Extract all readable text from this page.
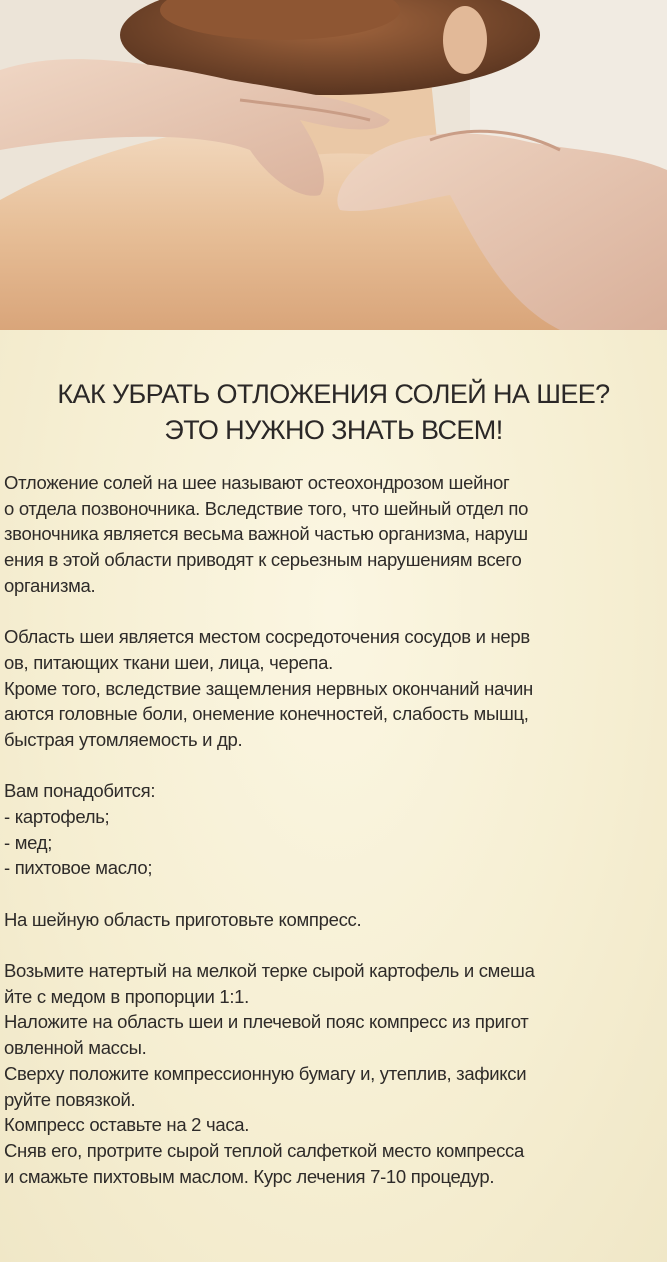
КАК УБРАТЬ ОТЛОЖЕНИЯ СОЛЕЙ НА ШЕЕ?
ЭТО НУЖНО ЗНАТЬ ВСЕМ!
Отложение солей на шее называют остеохондрозом шейног
о отдела позвоночника. Вследствие того, что шейный отдел по
звоночника является весьма важной частью организма, наруш
ения в этой области приводят к серьезным нарушениям всего
организма.
Область шеи является местом сосредоточения сосудов и нерв
ов, питающих ткани шеи, лица, черепа.
Кроме того, вследствие защемления нервных окончаний начин
аются головные боли, онемение конечностей, слабость мышц,
быстрая утомляемость и др.
Вам понадобится:
- картофель;
- мед;
- пихтовое масло;
На шейную область приготовьте компресс.
Возьмите натертый на мелкой терке сырой картофель и смеша
йте с медом в пропорции 1:1.
Наложите на область шеи и плечевой пояс компресс из пригот
овленной массы.
Сверху положите компрессионную бумагу и, утеплив, зафикси
руйте повязкой.
Компресс оставьте на 2 часа.
Сняв его, протрите сырой теплой салфеткой место компресса
и смажьте пихтовым маслом. Курс лечения 7-10 процедур.
